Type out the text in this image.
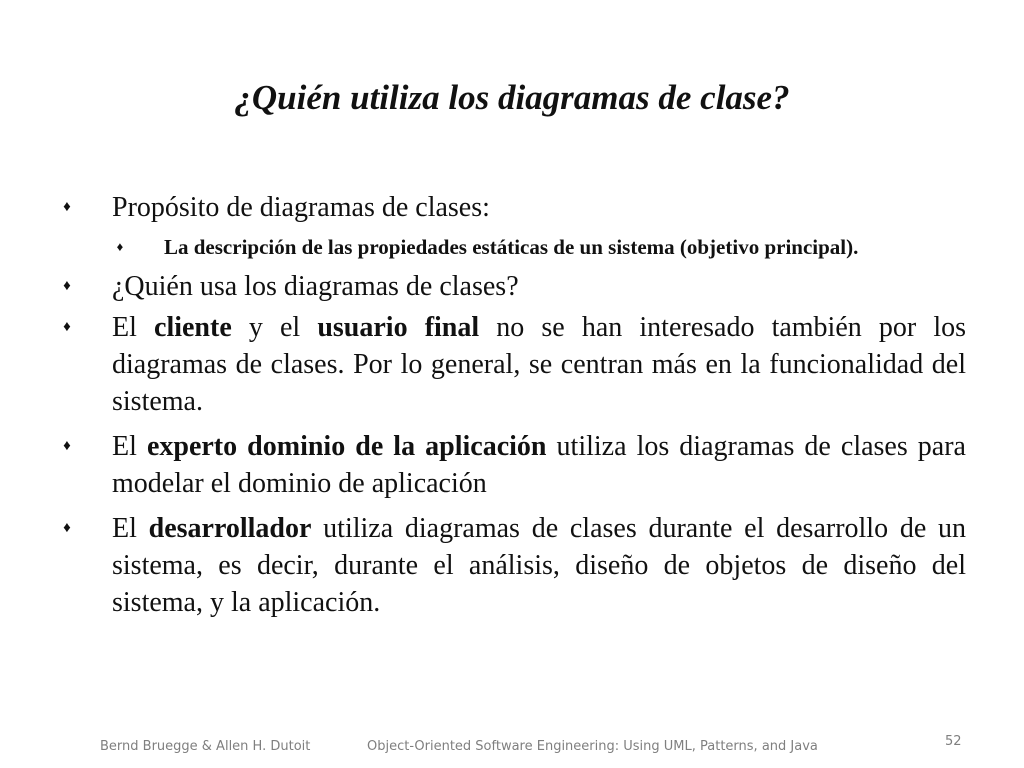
¿Quién utiliza los diagramas de clase?
♦ Propósito de diagramas de clases:
♦ La descripción de las propiedades estáticas de un sistema (objetivo principal).
♦ ¿Quién usa los diagramas de clases?
♦ El cliente y el usuario final no se han interesado también por los diagramas de clases. Por lo general, se centran más en la funcionalidad del sistema.
♦ El experto dominio de la aplicación utiliza los diagramas de clases para modelar el dominio de aplicación
♦ El desarrollador utiliza diagramas de clases durante el desarrollo de un sistema, es decir, durante el análisis, diseño de objetos de diseño del sistema, y la aplicación.
Bernd Bruegge & Allen H. Dutoit	Object-Oriented Software Engineering: Using UML, Patterns, and Java	52
